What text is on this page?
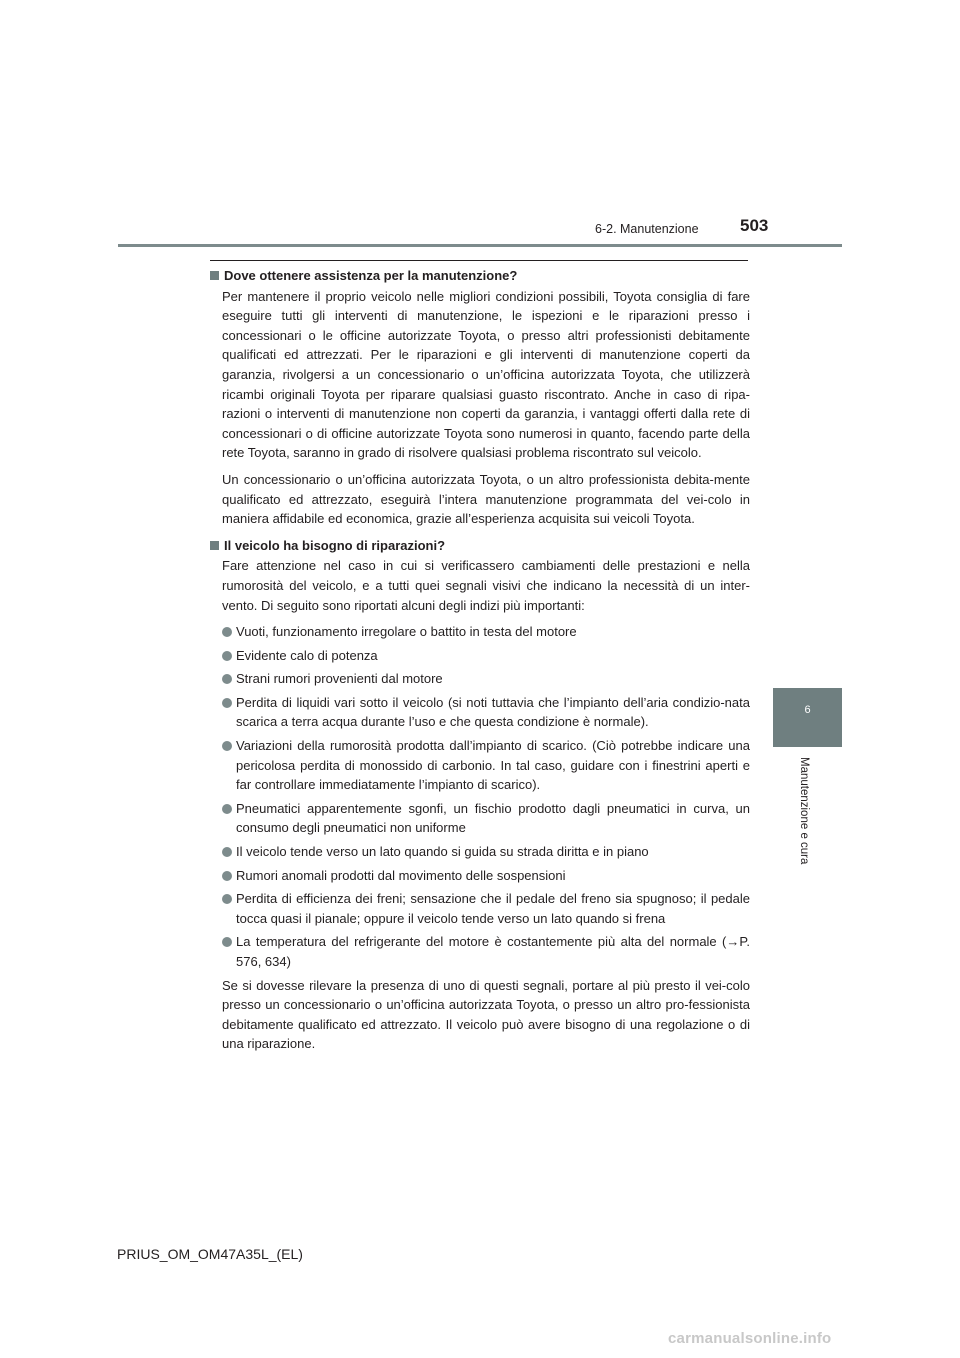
6-2. Manutenzione 503
6
Manutenzione e cura
Dove ottenere assistenza per la manutenzione?

Per mantenere il proprio veicolo nelle migliori condizioni possibili, Toyota consiglia di fare eseguire tutti gli interventi di manutenzione, le ispezioni e le riparazioni presso i concessionari o le officine autorizzate Toyota, o presso altri professionisti debitamente qualificati ed attrezzati. Per le riparazioni e gli interventi di manutenzione coperti da garanzia, rivolgersi a un concessionario o un’officina autorizzata Toyota, che utilizzerà ricambi originali Toyota per riparare qualsiasi guasto riscontrato. Anche in caso di ripa-razioni o interventi di manutenzione non coperti da garanzia, i vantaggi offerti dalla rete di concessionari o di officine autorizzate Toyota sono numerosi in quanto, facendo parte della rete Toyota, saranno in grado di risolvere qualsiasi problema riscontrato sul veicolo.

Un concessionario o un’officina autorizzata Toyota, o un altro professionista debita-mente qualificato ed attrezzato, eseguirà l’intera manutenzione programmata del vei-colo in maniera affidabile ed economica, grazie all’esperienza acquisita sui veicoli Toyota.

Il veicolo ha bisogno di riparazioni?

Fare attenzione nel caso in cui si verificassero cambiamenti delle prestazioni e nella rumorosità del veicolo, e a tutti quei segnali visivi che indicano la necessità di un inter-vento. Di seguito sono riportati alcuni degli indizi più importanti:

Vuoti, funzionamento irregolare o battito in testa del motore
Evidente calo di potenza
Strani rumori provenienti dal motore
Perdita di liquidi vari sotto il veicolo (si noti tuttavia che l’impianto dell’aria condizio-nata scarica a terra acqua durante l’uso e che questa condizione è normale).
Variazioni della rumorosità prodotta dall’impianto di scarico. (Ciò potrebbe indicare una pericolosa perdita di monossido di carbonio. In tal caso, guidare con i finestrini aperti e far controllare immediatamente l’impianto di scarico).
Pneumatici apparentemente sgonfi, un fischio prodotto dagli pneumatici in curva, un consumo degli pneumatici non uniforme
Il veicolo tende verso un lato quando si guida su strada diritta e in piano
Rumori anomali prodotti dal movimento delle sospensioni
Perdita di efficienza dei freni; sensazione che il pedale del freno sia spugnoso; il pedale tocca quasi il pianale; oppure il veicolo tende verso un lato quando si frena
La temperatura del refrigerante del motore è costantemente più alta del normale (→P. 576, 634)

Se si dovesse rilevare la presenza di uno di questi segnali, portare al più presto il vei-colo presso un concessionario o un’officina autorizzata Toyota, o presso un altro pro-fessionista debitamente qualificato ed attrezzato. Il veicolo può avere bisogno di una regolazione o di una riparazione.

PRIUS_OM_OM47A35L_(EL)
carmanualsonline.info
